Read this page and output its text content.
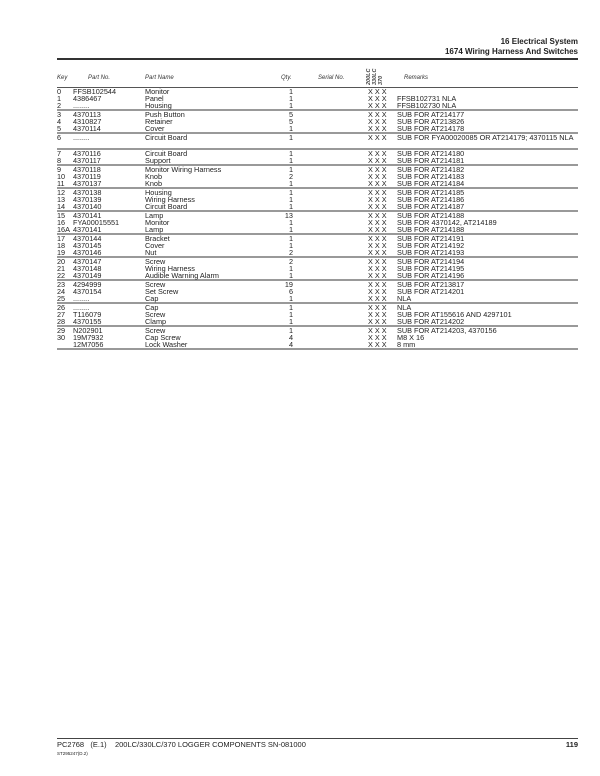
16 Electrical System
1674 Wiring Harness And Switches
Key	Part No.	Part Name	Qty.	Serial No.	200LC 330LC 370	Remarks
0 FFSB102544	Monitor	1	X X X
1 4386467	Panel	1	X X X FFSB102731 NLA
2 ........	Housing	1	X X X FFSB102730 NLA
3 4370113	Push Button	5	X X X SUB FOR AT214177
4 4310827	Retainer	5	X X X SUB FOR AT213826
5 4370114	Cover	1	X X X SUB FOR AT214178
6 ........	Circuit Board	1	X X X SUB FOR FYA00020085 OR AT214179; 4370115 NLA
7 4370116	Circuit Board	1	X X X SUB FOR AT214180
8 4370117	Support	1	X X X SUB FOR AT214181
9 4370118	Monitor Wiring Harness	1	X X X SUB FOR AT214182
10 4370119	Knob	2	X X X SUB FOR AT214183
11 4370137	Knob	1	X X X SUB FOR AT214184
12 4370138	Housing	1	X X X SUB FOR AT214185
13 4370139	Wiring Harness	1	X X X SUB FOR AT214186
14 4370140	Circuit Board	1	X X X SUB FOR AT214187
15 4370141	Lamp	13	X X X SUB FOR AT214188
16 FYA00015551	Monitor	1	X X X SUB FOR 4370142, AT214189
16A 4370141	Lamp	1	X X X SUB FOR AT214188
17 4370144	Bracket	1	X X X SUB FOR AT214191
18 4370145	Cover	1	X X X SUB FOR AT214192
19 4370146	Nut	2	X X X SUB FOR AT214193
20 4370147	Screw	2	X X X SUB FOR AT214194
21 4370148	Wiring Harness	1	X X X SUB FOR AT214195
22 4370149	Audible Warning Alarm	1	X X X SUB FOR AT214196
23 4294999	Screw	19	X X X SUB FOR AT213817
24 4370154	Set Screw	6	X X X SUB FOR AT214201
25 ........	Cap	1	X X X NLA
26 ........	Cap	1	X X X NLA
27 T116079	Screw	1	X X X SUB FOR AT155616 AND 4297101
28 4370155	Clamp	1	X X X SUB FOR AT214202
29 N202901	Screw	1	X X X SUB FOR AT214203, 4370156
30 19M7932	Cap Screw	4	X X X M8 X 16
12M7056	Lock Washer	4	X X X 8 mm
PC2768   (E.1)    200LC/330LC/370 LOGGER COMPONENTS SN-081000
ST295247(D.2)
119
